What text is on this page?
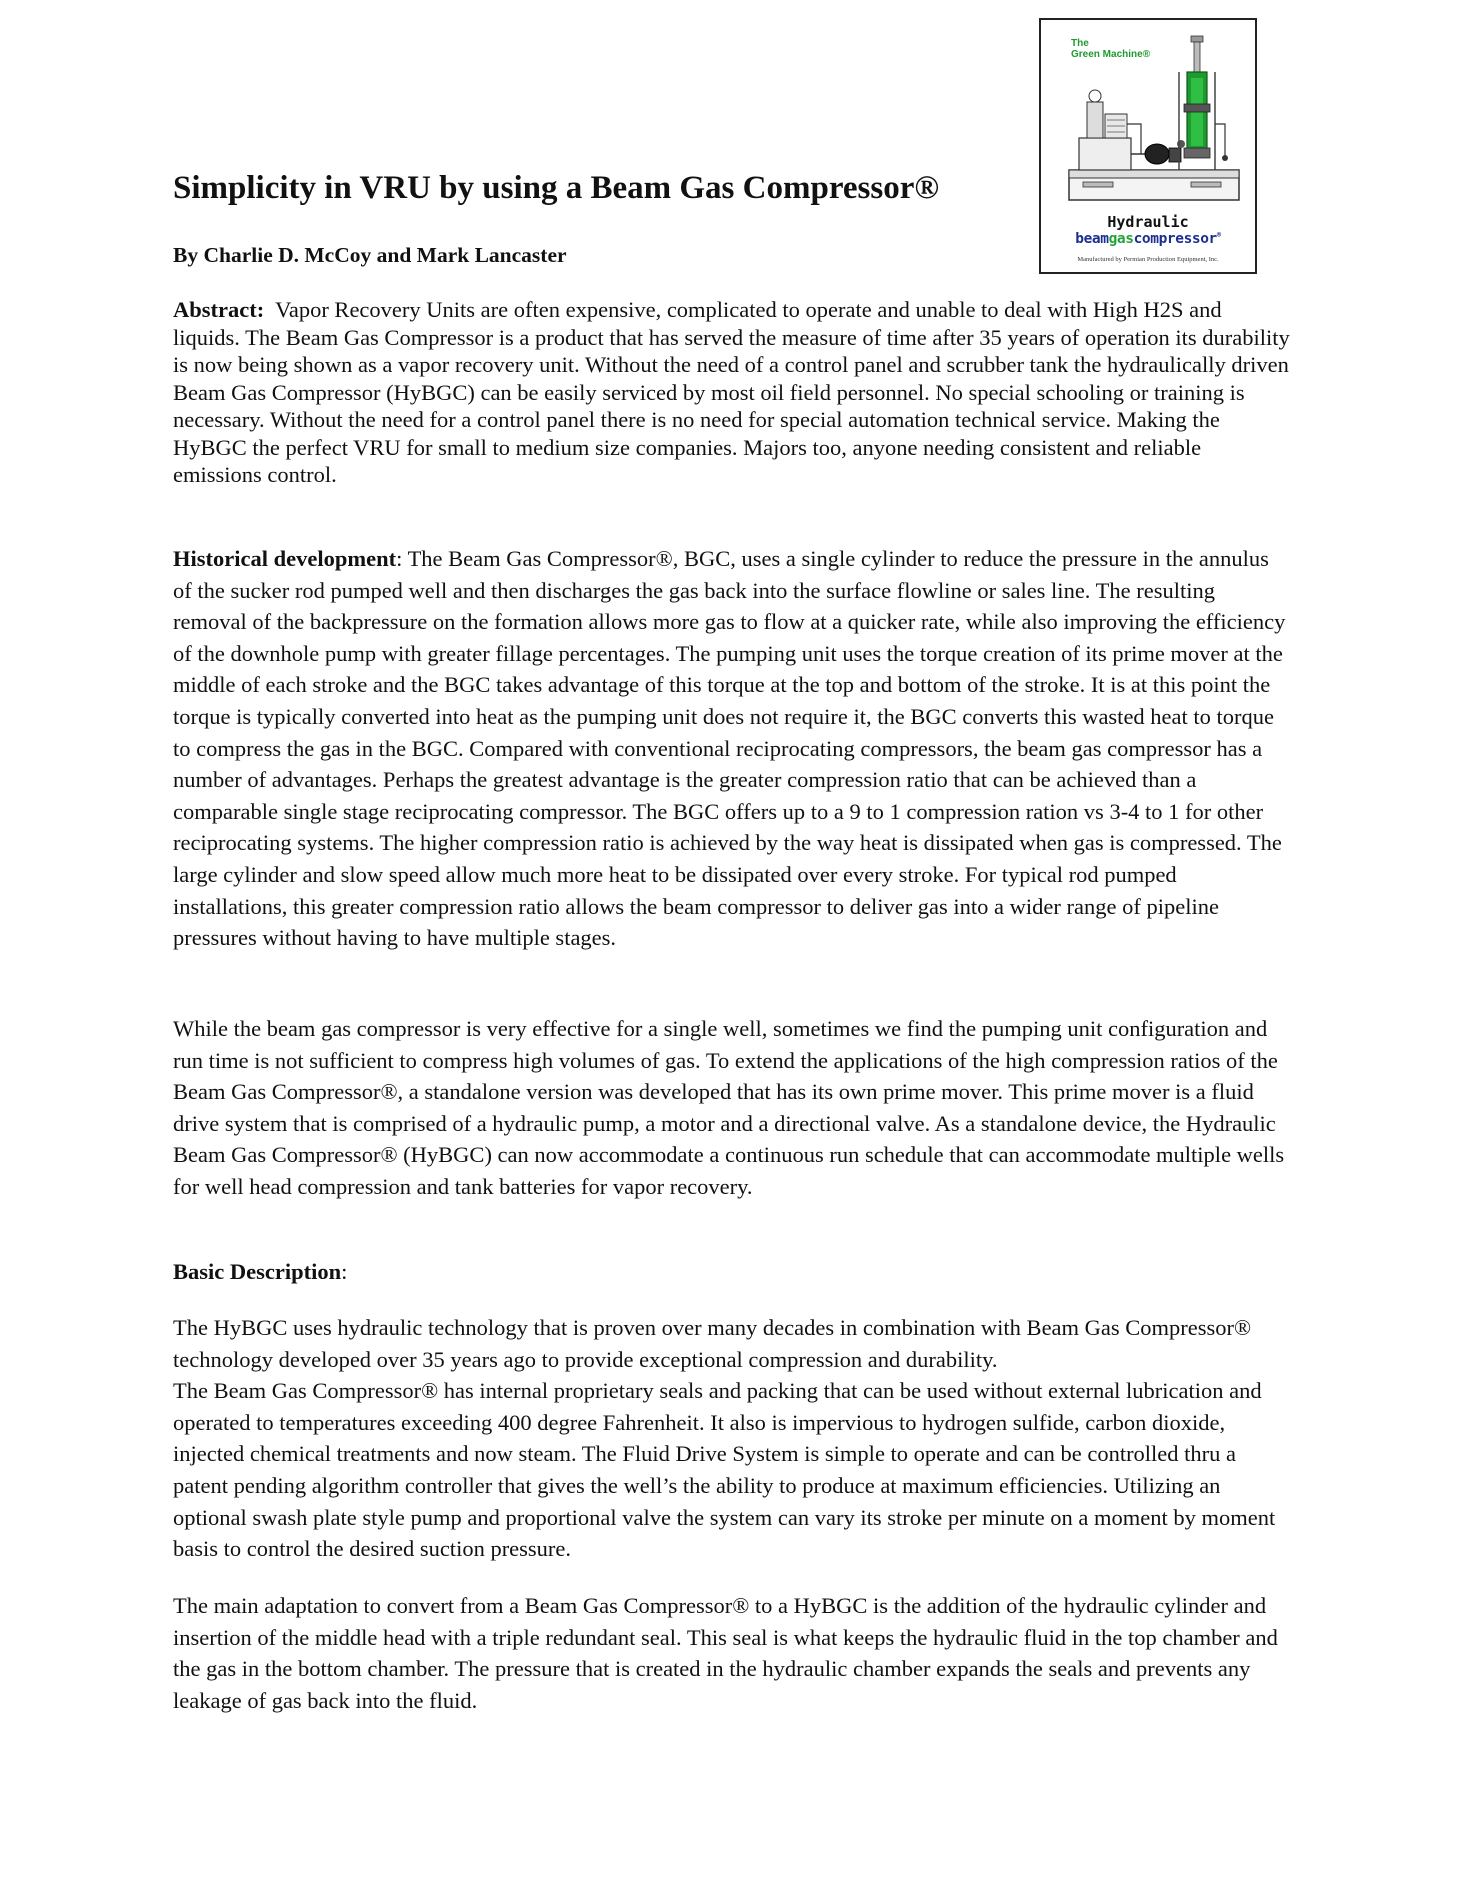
The
Green Machine®
Hydraulic
beamgascompressor®
Manufactured by Permian Production Equipment, Inc.
Simplicity in VRU by using a Beam Gas Compressor®

By Charlie D. McCoy and Mark Lancaster

Abstract: Vapor Recovery Units are often expensive, complicated to operate and unable to deal with High H2S and liquids. The Beam Gas Compressor is a product that has served the measure of time after 35 years of operation its durability is now being shown as a vapor recovery unit. Without the need of a control panel and scrubber tank the hydraulically driven Beam Gas Compressor (HyBGC) can be easily serviced by most oil field personnel. No special schooling or training is necessary. Without the need for a control panel there is no need for special automation technical service. Making the HyBGC the perfect VRU for small to medium size companies. Majors too, anyone needing consistent and reliable emissions control.

Historical development: The Beam Gas Compressor®, BGC, uses a single cylinder to reduce the pressure in the annulus of the sucker rod pumped well and then discharges the gas back into the surface flowline or sales line. The resulting removal of the backpressure on the formation allows more gas to flow at a quicker rate, while also improving the efficiency of the downhole pump with greater fillage percentages. The pumping unit uses the torque creation of its prime mover at the middle of each stroke and the BGC takes advantage of this torque at the top and bottom of the stroke. It is at this point the torque is typically converted into heat as the pumping unit does not require it, the BGC converts this wasted heat to torque to compress the gas in the BGC. Compared with conventional reciprocating compressors, the beam gas compressor has a number of advantages. Perhaps the greatest advantage is the greater compression ratio that can be achieved than a comparable single stage reciprocating compressor. The BGC offers up to a 9 to 1 compression ration vs 3-4 to 1 for other reciprocating systems. The higher compression ratio is achieved by the way heat is dissipated when gas is compressed. The large cylinder and slow speed allow much more heat to be dissipated over every stroke. For typical rod pumped installations, this greater compression ratio allows the beam compressor to deliver gas into a wider range of pipeline pressures without having to have multiple stages.

While the beam gas compressor is very effective for a single well, sometimes we find the pumping unit configuration and run time is not sufficient to compress high volumes of gas. To extend the applications of the high compression ratios of the Beam Gas Compressor®, a standalone version was developed that has its own prime mover. This prime mover is a fluid drive system that is comprised of a hydraulic pump, a motor and a directional valve. As a standalone device, the Hydraulic Beam Gas Compressor® (HyBGC) can now accommodate a continuous run schedule that can accommodate multiple wells for well head compression and tank batteries for vapor recovery.

Basic Description:

The HyBGC uses hydraulic technology that is proven over many decades in combination with Beam Gas Compressor® technology developed over 35 years ago to provide exceptional compression and durability.
The Beam Gas Compressor® has internal proprietary seals and packing that can be used without external lubrication and operated to temperatures exceeding 400 degree Fahrenheit. It also is impervious to hydrogen sulfide, carbon dioxide, injected chemical treatments and now steam. The Fluid Drive System is simple to operate and can be controlled thru a patent pending algorithm controller that gives the well’s the ability to produce at maximum efficiencies. Utilizing an optional swash plate style pump and proportional valve the system can vary its stroke per minute on a moment by moment basis to control the desired suction pressure.

The main adaptation to convert from a Beam Gas Compressor® to a HyBGC is the addition of the hydraulic cylinder and insertion of the middle head with a triple redundant seal. This seal is what keeps the hydraulic fluid in the top chamber and the gas in the bottom chamber. The pressure that is created in the hydraulic chamber expands the seals and prevents any leakage of gas back into the fluid.
